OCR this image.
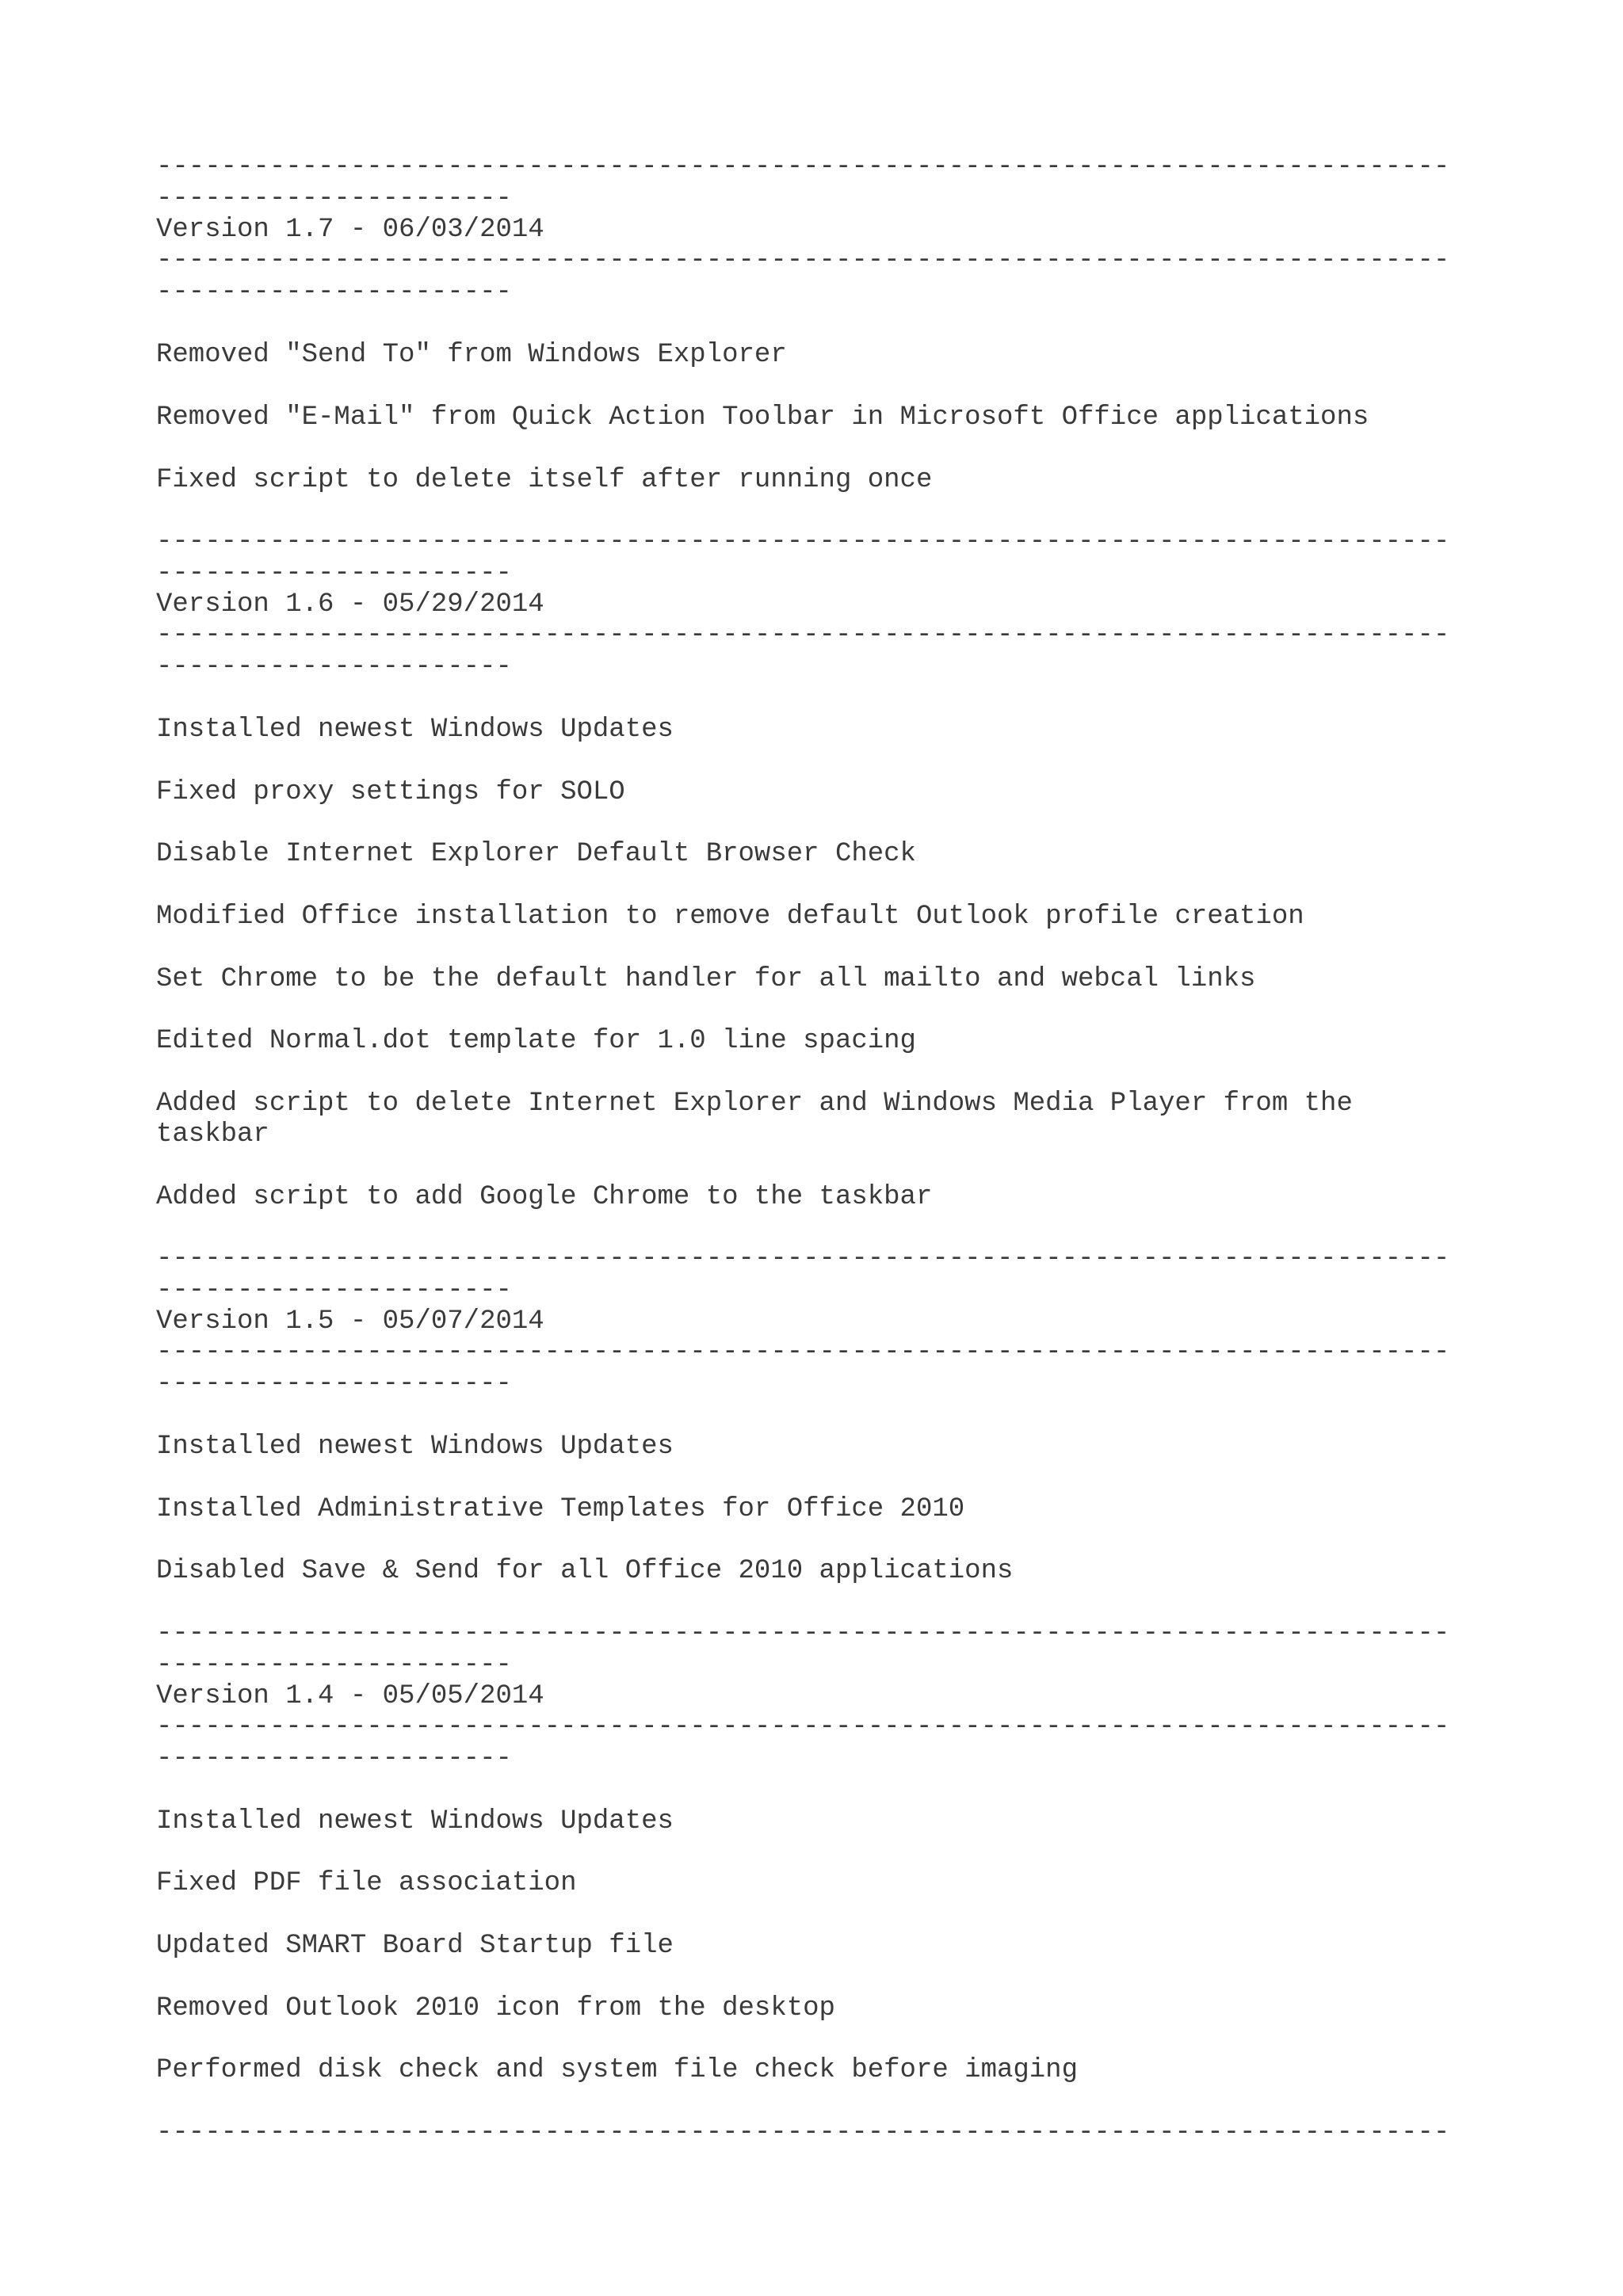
--------------------------------------------------------------------------------
----------------------
Version 1.7 - 06/03/2014
--------------------------------------------------------------------------------
----------------------
Removed "Send To" from Windows Explorer
Removed "E-Mail" from Quick Action Toolbar in Microsoft Office applications
Fixed script to delete itself after running once
--------------------------------------------------------------------------------
----------------------
Version 1.6 - 05/29/2014
--------------------------------------------------------------------------------
----------------------
Installed newest Windows Updates
Fixed proxy settings for SOLO
Disable Internet Explorer Default Browser Check
Modified Office installation to remove default Outlook profile creation
Set Chrome to be the default handler for all mailto and webcal links
Edited Normal.dot template for 1.0 line spacing
Added script to delete Internet Explorer and Windows Media Player from the
taskbar
Added script to add Google Chrome to the taskbar
--------------------------------------------------------------------------------
----------------------
Version 1.5 - 05/07/2014
--------------------------------------------------------------------------------
----------------------
Installed newest Windows Updates
Installed Administrative Templates for Office 2010
Disabled Save & Send for all Office 2010 applications
--------------------------------------------------------------------------------
----------------------
Version 1.4 - 05/05/2014
--------------------------------------------------------------------------------
----------------------
Installed newest Windows Updates
Fixed PDF file association
Updated SMART Board Startup file
Removed Outlook 2010 icon from the desktop
Performed disk check and system file check before imaging
--------------------------------------------------------------------------------
